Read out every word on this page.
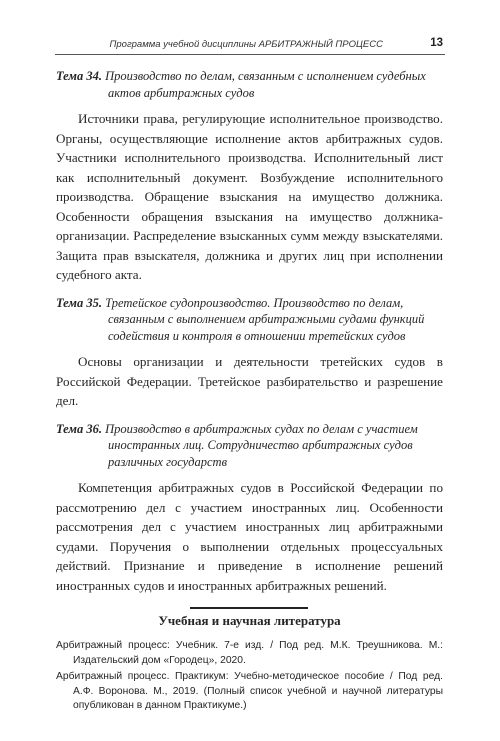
Программа учебной дисциплины АРБИТРАЖНЫЙ ПРОЦЕСС	13

Тема 34. Производство по делам, связанным с исполнением судебных актов арбитражных судов

Источники права, регулирующие исполнительное производство. Органы, осуществляющие исполнение актов арбитражных судов. Участники исполнительного производства. Исполнительный лист как исполнительный документ. Возбуждение исполнительного производства. Обращение взыскания на имущество должника. Особенности обращения взыскания на имущество должника-организации. Распределение взысканных сумм между взыскателями. Защита прав взыскателя, должника и других лиц при исполнении судебного акта.

Тема 35. Третейское судопроизводство. Производство по делам, связанным с выполнением арбитражными судами функций содействия и контроля в отношении третейских судов

Основы организации и деятельности третейских судов в Российской Федерации. Третейское разбирательство и разрешение дел.

Тема 36. Производство в арбитражных судах по делам с участием иностранных лиц. Сотрудничество арбитражных судов различных государств

Компетенция арбитражных судов в Российской Федерации по рассмотрению дел с участием иностранных лиц. Особенности рассмотрения дел с участием иностранных лиц арбитражными судами. Поручения о выполнении отдельных процессуальных действий. Признание и приведение в исполнение решений иностранных судов и иностранных арбитражных решений.

Учебная и научная литература

Арбитражный процесс: Учебник. 7-е изд. / Под ред. М.К. Треушникова. М.: Издательский дом «Городец», 2020.

Арбитражный процесс. Практикум: Учебно-методическое пособие / Под ред. А.Ф. Воронова. М., 2019. (Полный список учебной и научной литературы опубликован в данном Практикуме.)
